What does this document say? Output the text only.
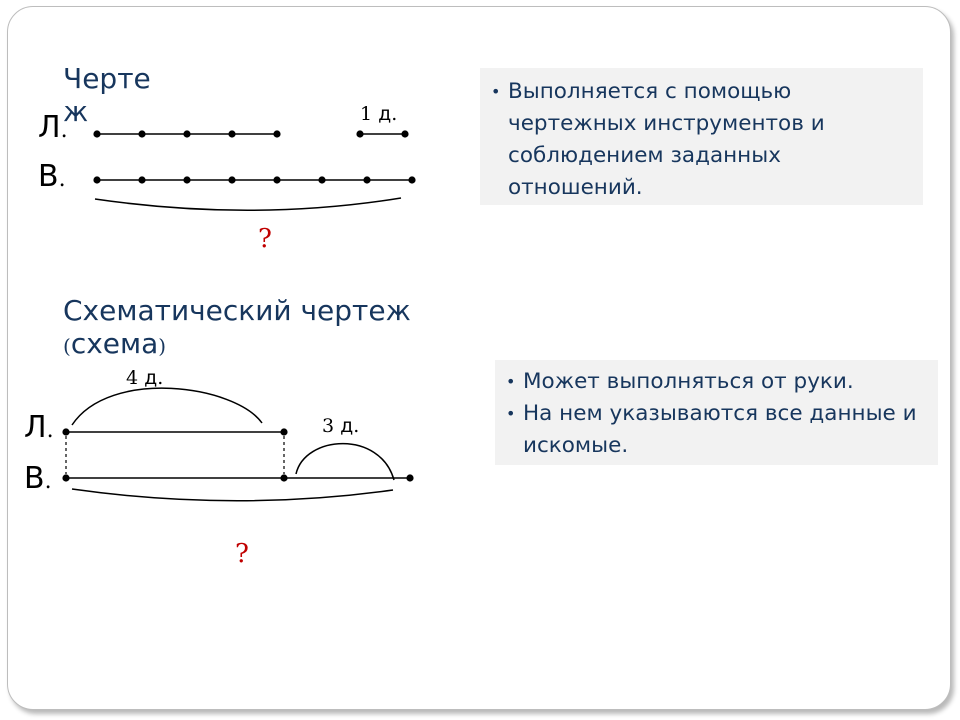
Черте ж
Л.
В.
1 д.
?
• Выполняется с помощью чертежных инструментов и соблюдением заданных отношений.
Схематический чертеж
(схема)
Л.
В.
4 д.
3 д.
?
• Может выполняться от руки.
• На нем указываются все данные и искомые.
